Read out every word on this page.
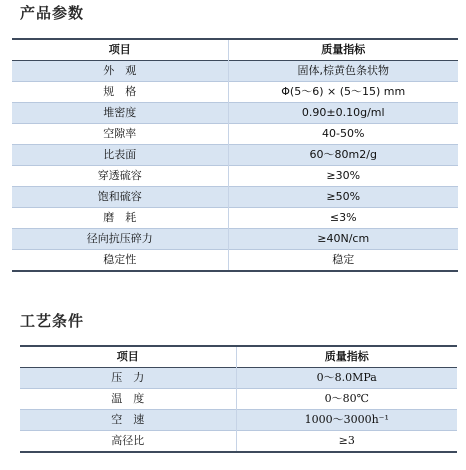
产品参数
项目	质量指标
外　观	固体,棕黄色条状物
规　格	Φ(5～6) × (5～15) mm
堆密度	0.90±0.10g/ml
空隙率	40-50%
比表面	60～80m2/g
穿透硫容	≥30%
饱和硫容	≥50%
磨　耗	≤3%
径向抗压碎力	≥40N/cm
稳定性	稳定
工艺条件
项目	质量指标
压　力	0～8.0MPa
温　度	0～80℃
空　速	1000～3000h⁻¹
高径比	≥3
